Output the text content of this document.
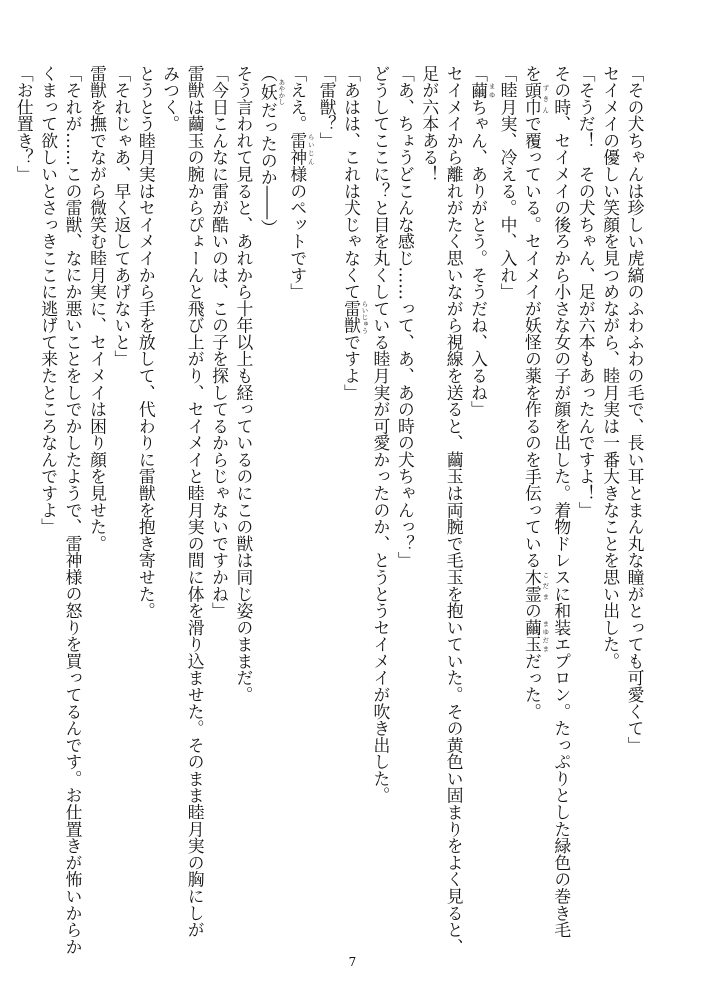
「その犬ちゃんは珍しい虎縞のふわふわの毛で、長い耳とまん丸な瞳がとっても可愛くて」
セイメイの優しい笑顔を見つめながら、睦月実は一番大きなことを思い出した。
「そうだ！　その犬ちゃん、足が六本もあったんですよ！」
その時、セイメイの後ろから小さな女の子が顔を出した。着物ドレスに和装エプロン。たっぷりとした緑色の巻き毛
を頭巾 ずきんで覆っている。セイメイが妖怪の薬を作るのを手伝っている木霊 こだまの繭玉 まゆだまだった。
「睦月実、冷える。中、入れ」
「繭 まゆちゃん、ありがとう。そうだね、入るね」
セイメイから離れがたく思いながら視線を送ると、繭玉は両腕で毛玉を抱いていた。その黄色い固まりをよく見ると、
足が六本ある！
「あ、ちょうどこんな感じ……って、あ、あの時の犬ちゃんっ？」
どうしてここに？と目を丸くしている睦月実が可愛かったのか、とうとうセイメイが吹き出した。
「あはは、これは犬じゃなくて雷獣 らいじゅうですよ」
「雷獣？」
「ええ。雷神 らいじん様のペットです」
（妖 あやかしだったのか――）
そう言われて見ると、あれから十年以上も経っているのにこの獣は同じ姿のままだ。
「今日こんなに雷が酷いのは、この子を探してるからじゃないですかね」
雷獣は繭玉の腕からぴょーんと飛び上がり、セイメイと睦月実の間に体を滑り込ませた。そのまま睦月実の胸にしが
みつく。
とうとう睦月実はセイメイから手を放して、代わりに雷獣を抱き寄せた。
「それじゃあ、早く返してあげないと」
雷獣を撫でながら微笑む睦月実に、セイメイは困り顔を見せた。
「それが……この雷獣、なにか悪いことをしでかしたようで、雷神様の怒りを買ってるんです。お仕置きが怖いからか
くまって欲しいとさっきここに逃げて来たところなんですよ」
「お仕置き？」
7
